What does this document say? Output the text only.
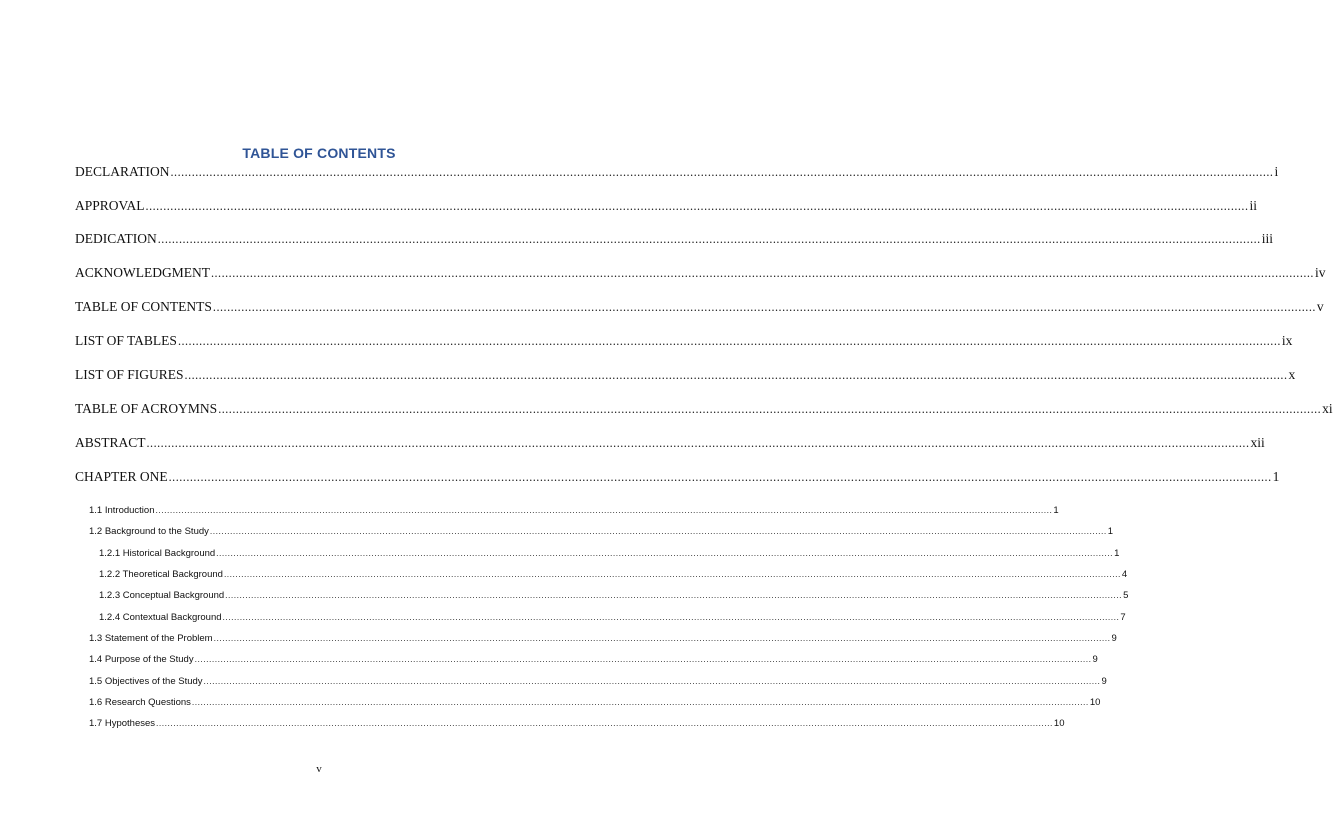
TABLE OF CONTENTS
DECLARATION ........................................................................................................................................................................................................................................................................................................................ i
APPROVAL ........................................................................................................................................................................................................................................................................................................................ ii
DEDICATION ........................................................................................................................................................................................................................................................................................................................ iii
ACKNOWLEDGMENT ........................................................................................................................................................................................................................................................................................................................ iv
TABLE OF CONTENTS ........................................................................................................................................................................................................................................................................................................................ v
LIST OF TABLES ........................................................................................................................................................................................................................................................................................................................ ix
LIST OF FIGURES ........................................................................................................................................................................................................................................................................................................................ x
TABLE OF ACROYMNS ........................................................................................................................................................................................................................................................................................................................ xi
ABSTRACT ........................................................................................................................................................................................................................................................................................................................ xii
CHAPTER ONE ........................................................................................................................................................................................................................................................................................................................ 1
1.1 Introduction ........................................................................................................................................................................................................................................................................................................................ 1
1.2 Background to the Study ........................................................................................................................................................................................................................................................................................................................ 1
1.2.1 Historical Background ........................................................................................................................................................................................................................................................................................................................ 1
1.2.2 Theoretical Background ........................................................................................................................................................................................................................................................................................................................ 4
1.2.3 Conceptual Background ........................................................................................................................................................................................................................................................................................................................ 5
1.2.4 Contextual Background ........................................................................................................................................................................................................................................................................................................................ 7
1.3 Statement of the Problem ........................................................................................................................................................................................................................................................................................................................ 9
1.4 Purpose of the Study ........................................................................................................................................................................................................................................................................................................................ 9
1.5 Objectives of the Study ........................................................................................................................................................................................................................................................................................................................ 9
1.6 Research Questions ........................................................................................................................................................................................................................................................................................................................ 10
1.7 Hypotheses ........................................................................................................................................................................................................................................................................................................................ 10
v
